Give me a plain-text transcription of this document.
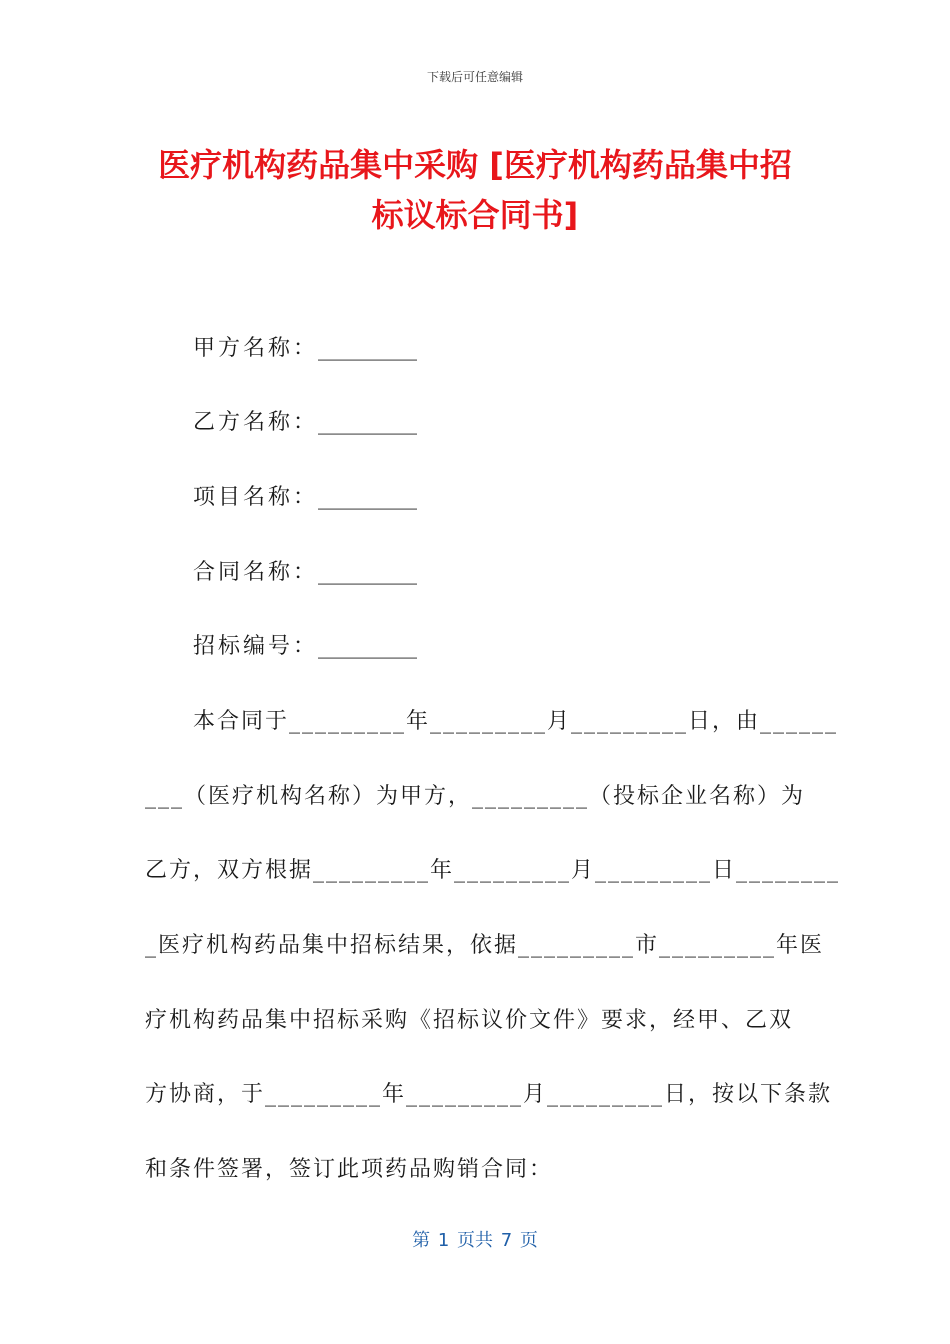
下载后可任意编辑
医疗机构药品集中采购 [医疗机构药品集中招
标议标合同书]
甲方名称：_________
乙方名称：_________
项目名称：_________
合同名称：_________
招标编号：_________
　　本合同于_________年_________月_________日，由______
___（医疗机构名称）为甲方，_________（投标企业名称）为
乙方，双方根据_________年_________月_________日________
_医疗机构药品集中招标结果，依据_________市_________年医
疗机构药品集中招标采购《招标议价文件》要求，经甲、乙双
方协商，于_________年_________月_________日，按以下条款
和条件签署，签订此项药品购销合同：
第 1 页共 7 页
